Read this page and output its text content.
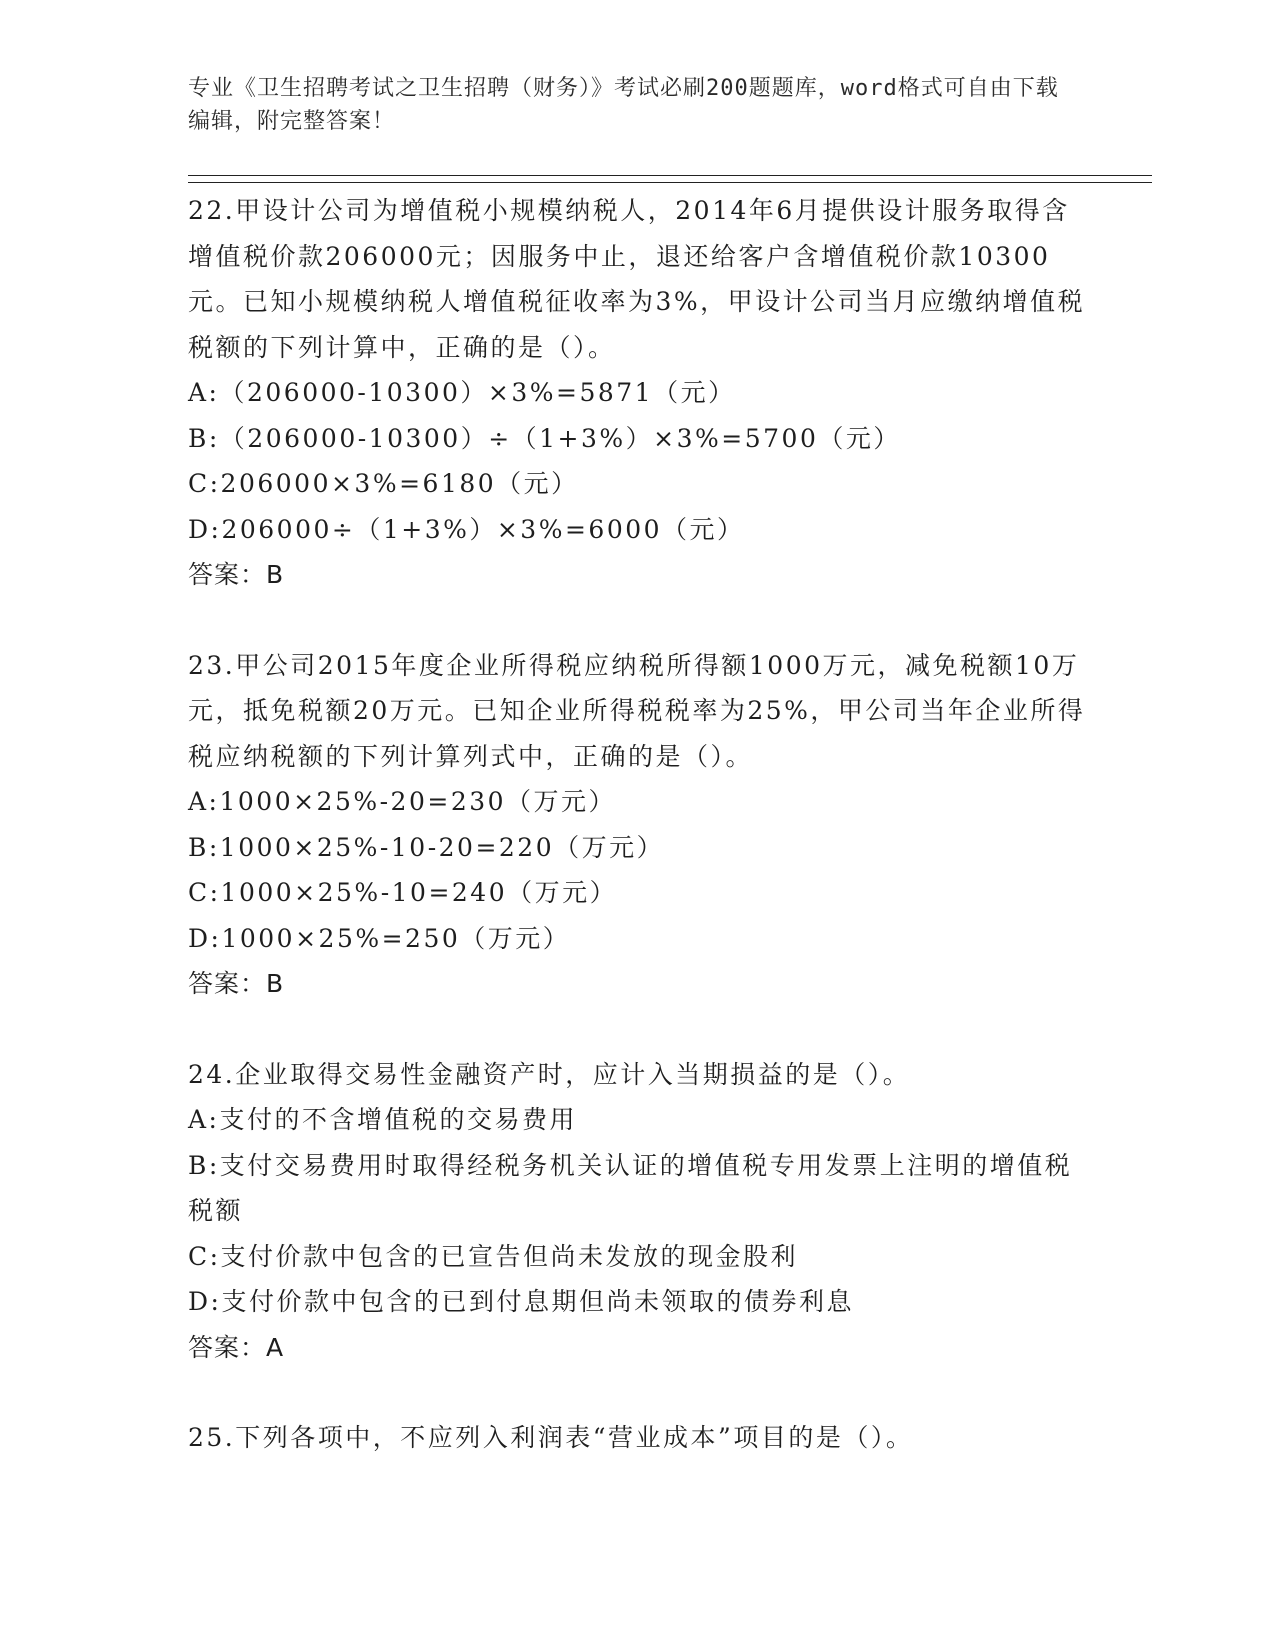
专业《卫生招聘考试之卫生招聘（财务）》考试必刷200题题库，word格式可自由下载编辑，附完整答案！
22.甲设计公司为增值税小规模纳税人，2014年6月提供设计服务取得含增值税价款206000元；因服务中止，退还给客户含增值税价款10300元。已知小规模纳税人增值税征收率为3%，甲设计公司当月应缴纳增值税税额的下列计算中，正确的是（）。
A:（206000-10300）×3%=5871（元）
B:（206000-10300）÷（1+3%）×3%=5700（元）
C:206000×3%=6180（元）
D:206000÷（1+3%）×3%=6000（元）
答案：B
23.甲公司2015年度企业所得税应纳税所得额1000万元，减免税额10万元，抵免税额20万元。已知企业所得税税率为25%，甲公司当年企业所得税应纳税额的下列计算列式中，正确的是（）。
A:1000×25%-20=230（万元）
B:1000×25%-10-20=220（万元）
C:1000×25%-10=240（万元）
D:1000×25%=250（万元）
答案：B
24.企业取得交易性金融资产时，应计入当期损益的是（）。
A:支付的不含增值税的交易费用
B:支付交易费用时取得经税务机关认证的增值税专用发票上注明的增值税税额
C:支付价款中包含的已宣告但尚未发放的现金股利
D:支付价款中包含的已到付息期但尚未领取的债券利息
答案：A
25.下列各项中，不应列入利润表“营业成本”项目的是（）。
